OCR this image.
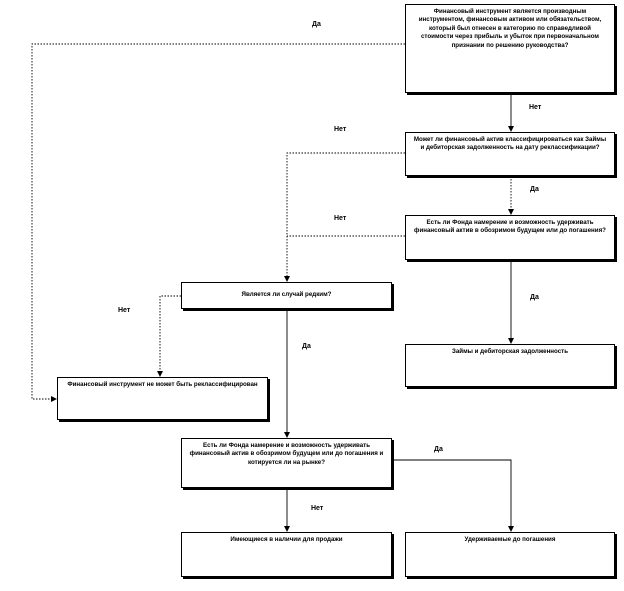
Финансовый инструмент является производным инструментом, финансовым активом или обязательством, который был отнесен в категорию по справедливой стоимости через прибыль и убыток при первоначальном признании по решению руководства?
Может ли финансовый актив классифицироваться как Займы и дебиторская задолженность на дату реклассификации?
Есть ли Фонда намерение и возможность удерживать финансовый актив в обозримом будущем или до погашения?
Является ли случай редким?
Займы и дебиторская задолженность
Финансовый инструмент не может быть реклассифицирован
Есть ли Фонда намерение и возможность удерживать финансовый актив в обозримом будущем или до погашения и котируется ли на рынке?
Имеющиеся в наличии для продажи	Удерживаемые до погашения
Да
Нет
Нет
Да
Нет
Да
Нет
Да
Да
Нет
